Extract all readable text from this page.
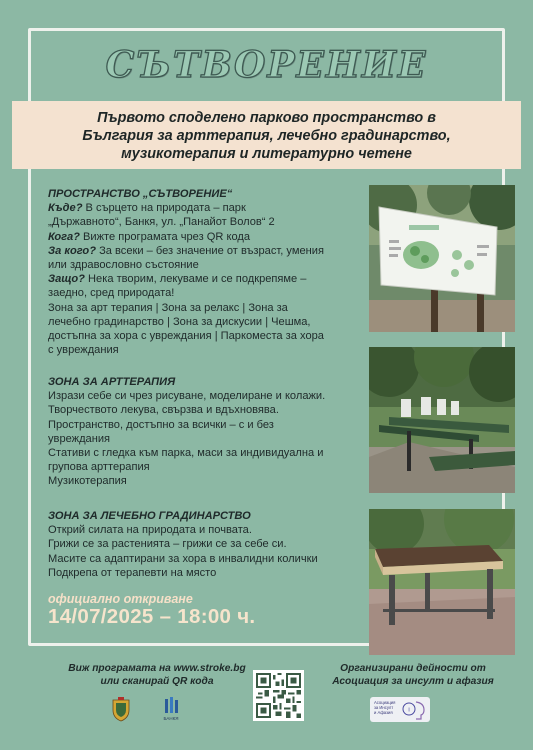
СЪТВОРЕНИЕ
Първото споделено парково пространство в
България за арттерапия, лечебно градинарство,
музикотерапия и литературно четене
ПРОСТРАНСТВО „СЪТВОРЕНИЕ“
Къде? В сърцето на природата – парк
„Държавното“, Банкя, ул. „Панайот Волов“ 2
Кога? Вижте програмата чрез QR кода
За кого? За всеки – без значение от възраст, умения
или здравословно състояние
Защо? Нека творим, лекуваме и се подкрепяме –
заедно, сред природата!
Зона за арт терапия | Зона за релакс | Зона за
лечебно градинарство | Зона за дискусии | Чешма,
достъпна за хора с увреждания | Паркоместа за хора
с увреждания
ЗОНА ЗА АРТТЕРАПИЯ
Изрази себе си чрез рисуване, моделиране и колажи.
Творчеството лекува, свързва и вдъхновява.
Пространство, достъпно за всички – с и без
увреждания
Стативи с гледка към парка, маси за индивидуална и
групова арттерапия
Музикотерапия
ЗОНА ЗА ЛЕЧЕБНО ГРАДИНАРСТВО
Открий силата на природата и почвата.
Грижи се за растенията – грижи се за себе си.
Масите са адаптирани за хора в инвалидни колички
Подкрепа от терапевти на място
официално откриване
14/07/2025 – 18:00 ч.
Виж програмата на www.stroke.bg
или сканирай QR кода
Организирани дейности от
Асоциация за инсулт и афазия
БАНКЯ
Асоциация
за Инсулт
и Афазия	i
